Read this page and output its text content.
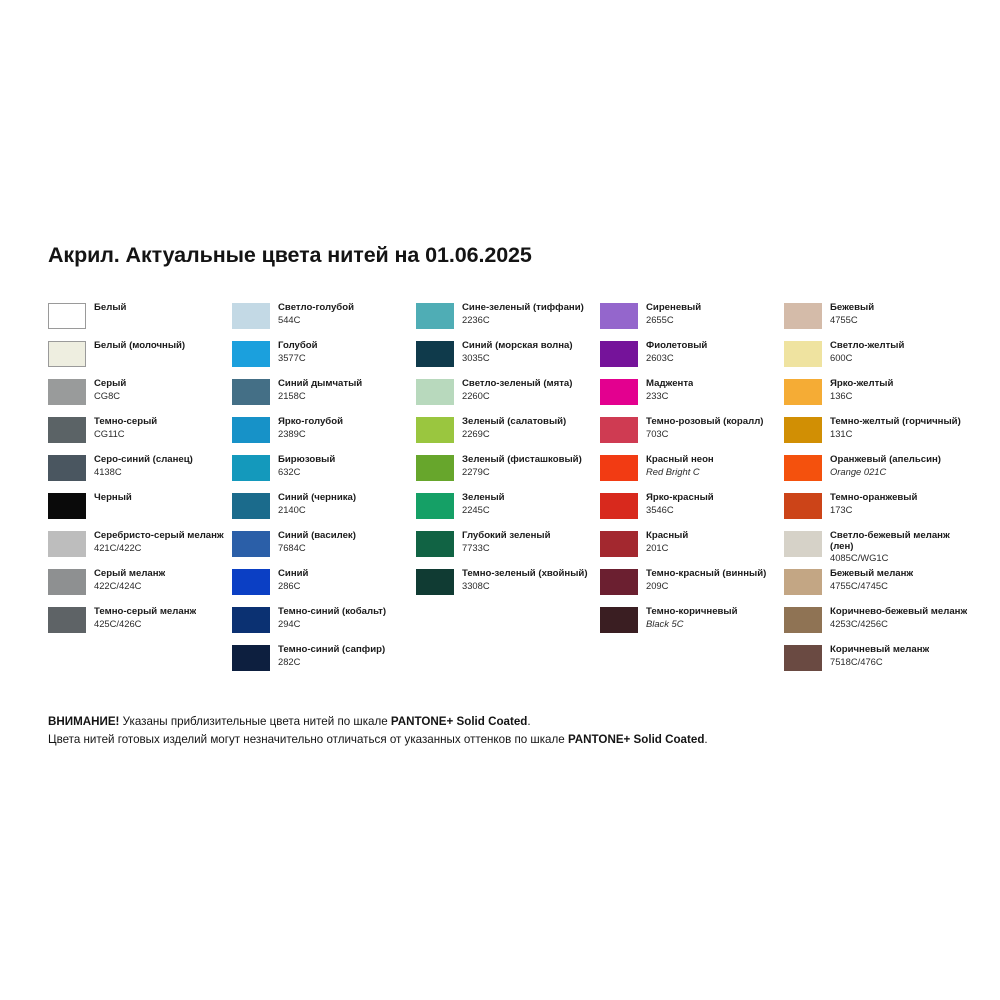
Акрил. Актуальные цвета нитей на 01.06.2025
Белый
Белый (молочный)
Серый
CG8C
Темно-серый
CG11C
Серо-синий (сланец)
4138C
Черный
Серебристо-серый меланж
421C/422C
Серый меланж
422C/424C
Темно-серый меланж
425C/426C
Светло-голубой
544C
Голубой
3577C
Синий дымчатый
2158C
Ярко-голубой
2389C
Бирюзовый
632C
Синий (черника)
2140C
Синий (василек)
7684C
Синий
286C
Темно-синий (кобальт)
294C
Темно-синий (сапфир)
282C
Сине-зеленый (тиффани)
2236C
Синий (морская волна)
3035C
Светло-зеленый (мята)
2260C
Зеленый (салатовый)
2269C
Зеленый (фисташковый)
2279C
Зеленый
2245C
Глубокий зеленый
7733C
Темно-зеленый (хвойный)
3308C
Сиреневый
2655C
Фиолетовый
2603C
Маджента
233C
Темно-розовый (коралл)
703C
Красный неон
Red Bright C
Ярко-красный
3546C
Красный
201C
Темно-красный (винный)
209C
Темно-коричневый
Black 5C
Бежевый
4755C
Светло-желтый
600C
Ярко-желтый
136C
Темно-желтый (горчичный)
131C
Оранжевый (апельсин)
Orange 021C
Темно-оранжевый
173C
Светло-бежевый меланж (лен)
4085C/WG1C
Бежевый меланж
4755C/4745C
Коричнево-бежевый меланж
4253C/4256C
Коричневый меланж
7518C/476C
ВНИМАНИЕ! Указаны приблизительные цвета нитей по шкале PANTONE+ Solid Coated.
Цвета нитей готовых изделий могут незначительно отличаться от указанных оттенков по шкале PANTONE+ Solid Coated.
